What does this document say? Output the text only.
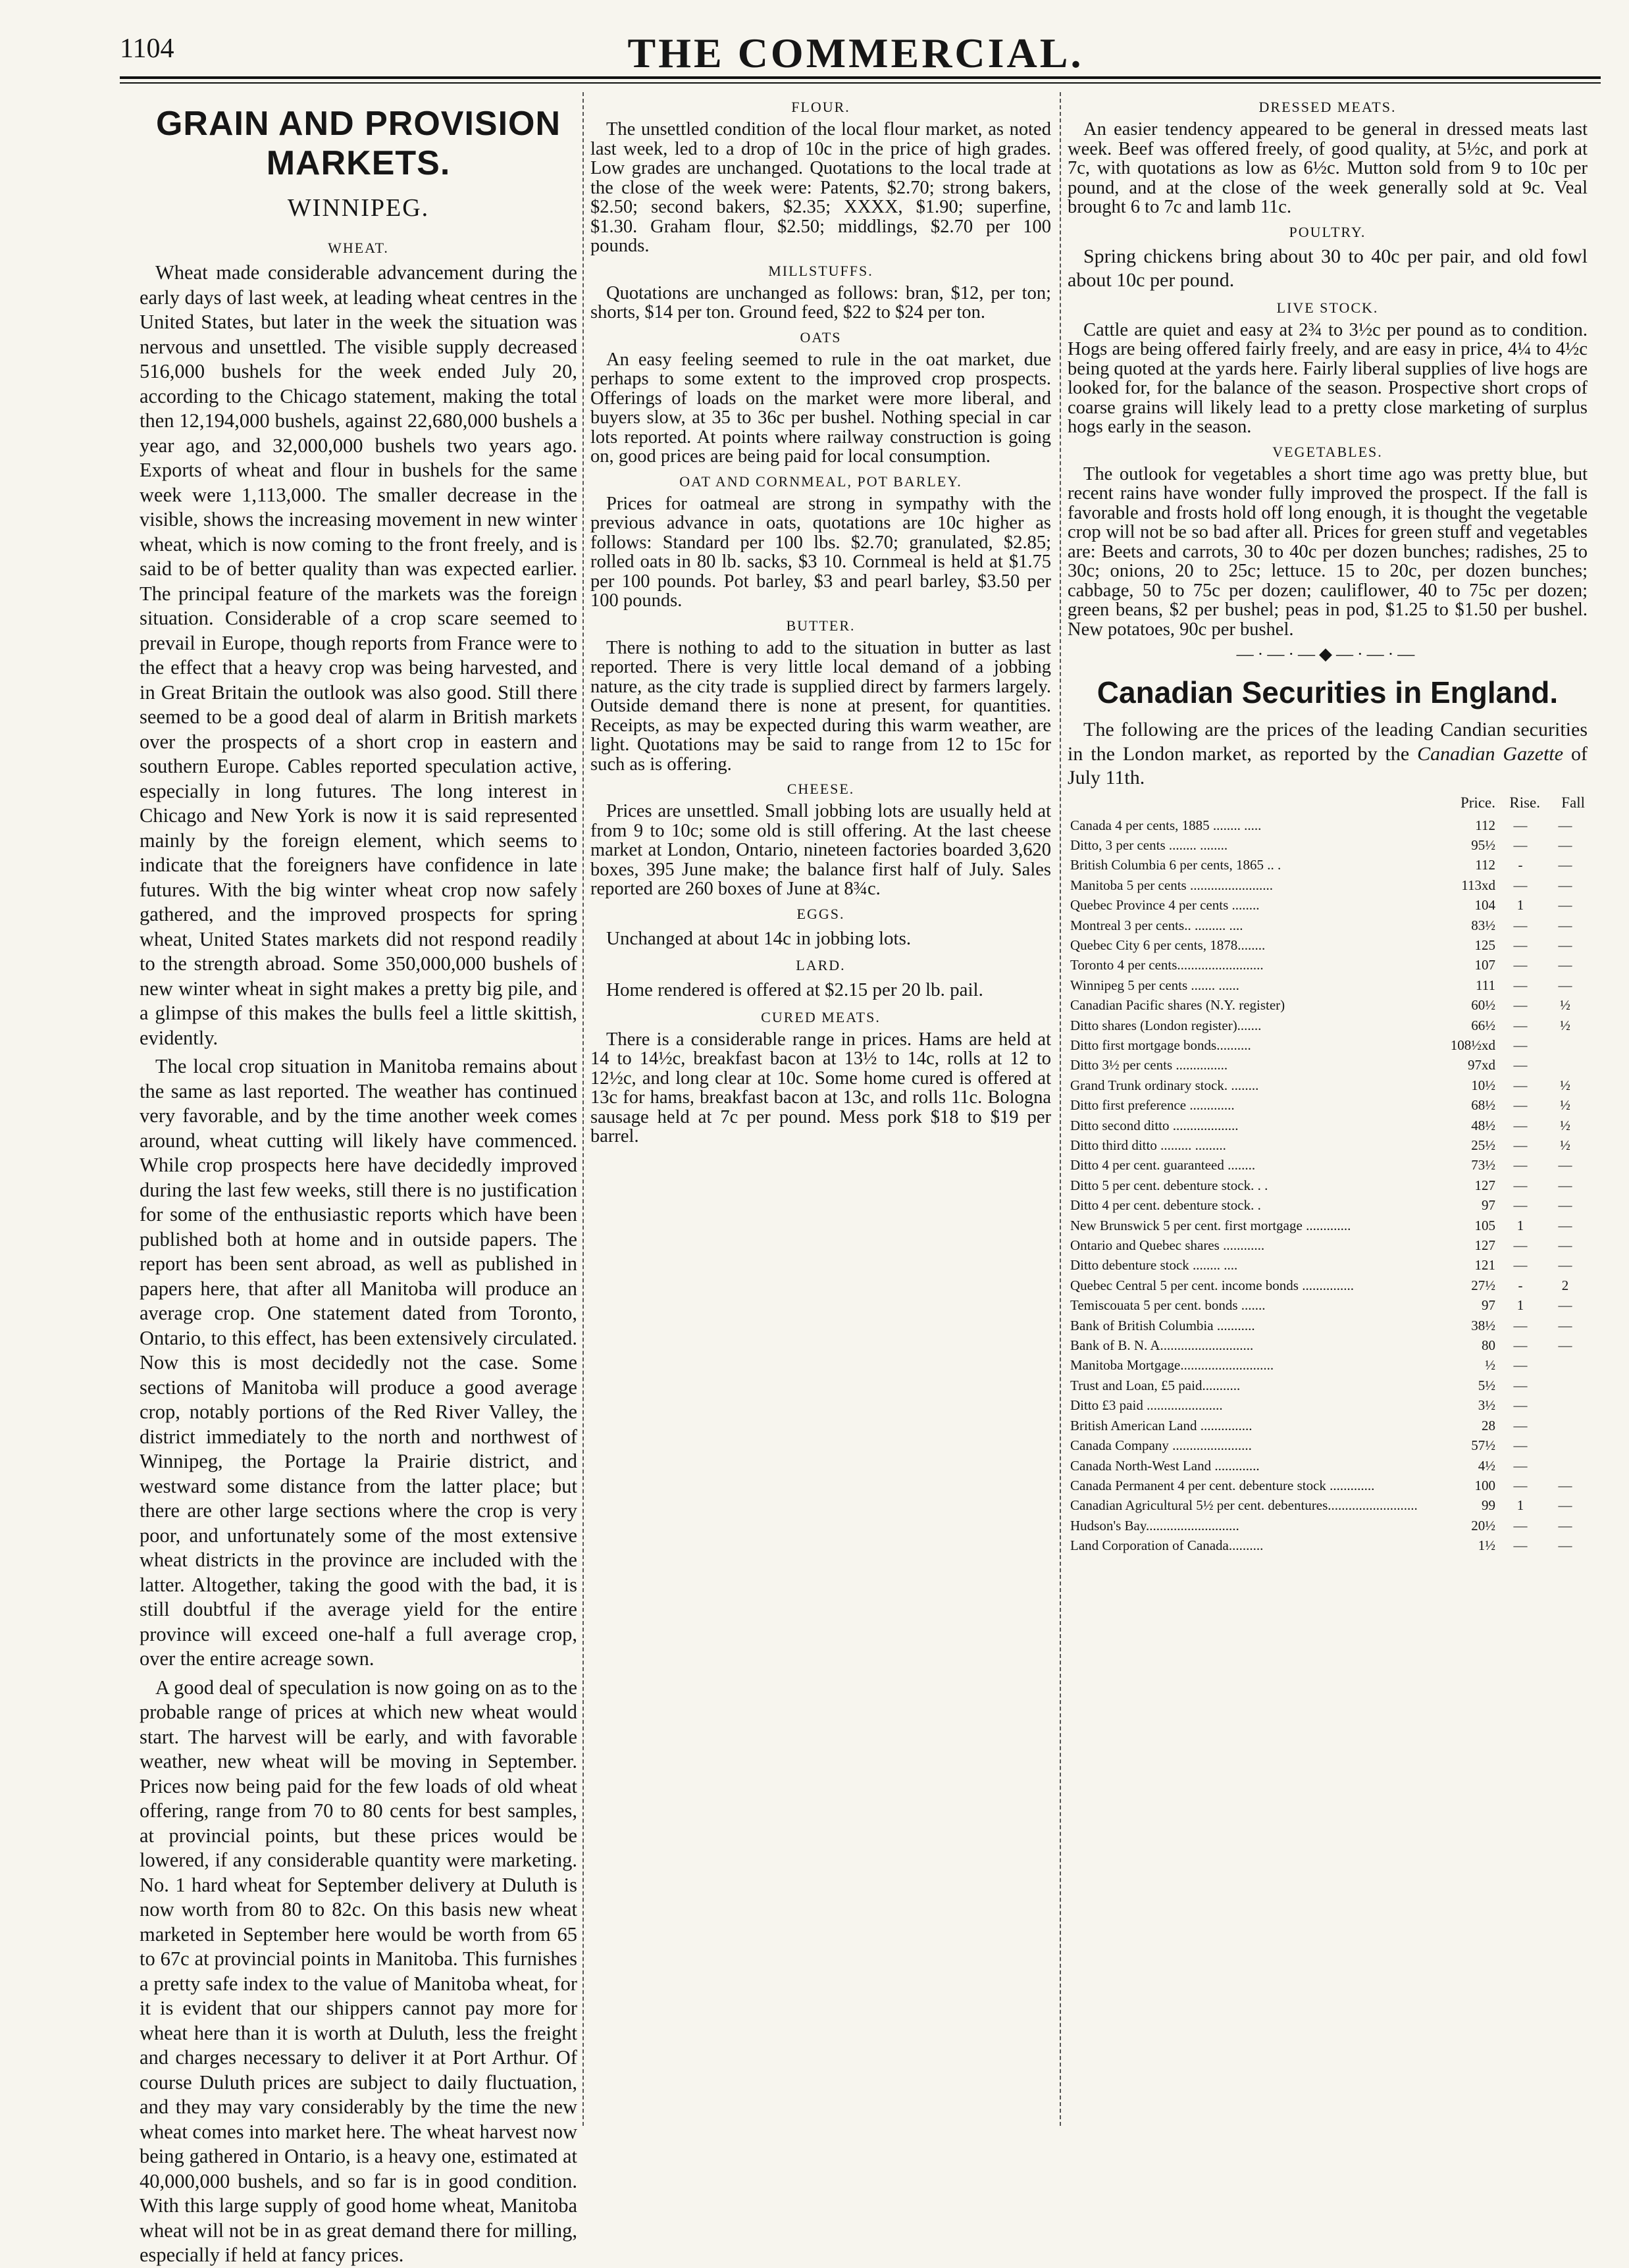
1104	THE COMMERCIAL.
GRAIN AND PROVISION MARKETS.
WINNIPEG.
WHEAT.

Wheat made considerable advancement during the early days of last week, at leading wheat centres in the United States, but later in the week the situation was nervous and unsettled. The visible supply decreased 516,000 bushels for the week ended July 20, according to the Chicago statement, making the total then 12,194,000 bushels, against 22,680,000 bushels a year ago, and 32,000,000 bushels two years ago. Exports of wheat and flour in bushels for the same week were 1,113,000. The smaller decrease in the visible, shows the increasing movement in new winter wheat, which is now coming to the front freely, and is said to be of better quality than was expected earlier. The principal feature of the markets was the foreign situation. Considerable of a crop scare seemed to prevail in Europe, though reports from France were to the effect that a heavy crop was being harvested, and in Great Britain the outlook was also good. Still there seemed to be a good deal of alarm in British markets over the prospects of a short crop in eastern and southern Europe. Cables reported speculation active, especially in long futures. The long interest in Chicago and New York is now it is said represented mainly by the foreign element, which seems to indicate that the foreigners have confidence in late futures. With the big winter wheat crop now safely gathered, and the improved prospects for spring wheat, United States markets did not respond readily to the strength abroad. Some 350,000,000 bushels of new winter wheat in sight makes a pretty big pile, and a glimpse of this makes the bulls feel a little skittish, evidently.

The local crop situation in Manitoba remains about the same as last reported. The weather has continued very favorable, and by the time another week comes around, wheat cutting will likely have commenced. While crop prospects here have decidedly improved during the last few weeks, still there is no justification for some of the enthusiastic reports which have been published both at home and in outside papers. The report has been sent abroad, as well as published in papers here, that after all Manitoba will produce an average crop. One statement dated from Toronto, Ontario, to this effect, has been extensively circulated. Now this is most decidedly not the case. Some sections of Manitoba will produce a good average crop, notably portions of the Red River Valley, the district immediately to the north and northwest of Winnipeg, the Portage la Prairie district, and westward some distance from the latter place; but there are other large sections where the crop is very poor, and unfortunately some of the most extensive wheat districts in the province are included with the latter. Altogether, taking the good with the bad, it is still doubtful if the average yield for the entire province will exceed one-half a full average crop, over the entire acreage sown.

A good deal of speculation is now going on as to the probable range of prices at which new wheat would start. The harvest will be early, and with favorable weather, new wheat will be moving in September. Prices now being paid for the few loads of old wheat offering, range from 70 to 80 cents for best samples, at provincial points, but these prices would be lowered, if any considerable quantity were marketing. No. 1 hard wheat for September delivery at Duluth is now worth from 80 to 82c. On this basis new wheat marketed in September here would be worth from 65 to 67c at provincial points in Manitoba. This furnishes a pretty safe index to the value of Manitoba wheat, for it is evident that our shippers cannot pay more for wheat here than it is worth at Duluth, less the freight and charges necessary to deliver it at Port Arthur. Of course Duluth prices are subject to daily fluctuation, and they may vary considerably by the time the new wheat comes into market here. The wheat harvest now being gathered in Ontario, is a heavy one, estimated at 40,000,000 bushels, and so far is in good condition. With this large supply of good home wheat, Manitoba wheat will not be in as great demand there for milling, especially if held at fancy prices.

FLOUR.

The unsettled condition of the local flour market, as noted last week, led to a drop of 10c in the price of high grades. Low grades are unchanged. Quotations to the local trade at the close of the week were: Patents, $2.70; strong bakers, $2.50; second bakers, $2.35; XXXX, $1.90; superfine, $1.30. Graham flour, $2.50; middlings, $2.70 per 100 pounds.

MILLSTUFFS.

Quotations are unchanged as follows: bran, $12, per ton; shorts, $14 per ton. Ground feed, $22 to $24 per ton.

OATS

An easy feeling seemed to rule in the oat market, due perhaps to some extent to the improved crop prospects. Offerings of loads on the market were more liberal, and buyers slow, at 35 to 36c per bushel. Nothing special in car lots reported. At points where railway construction is going on, good prices are being paid for local consumption.

OAT AND CORNMEAL, POT BARLEY.

Prices for oatmeal are strong in sympathy with the previous advance in oats, quotations are 10c higher as follows: Standard per 100 lbs. $2.70; granulated, $2.85; rolled oats in 80 lb. sacks, $3 10. Cornmeal is held at $1.75 per 100 pounds. Pot barley, $3 and pearl barley, $3.50 per 100 pounds.

BUTTER.

There is nothing to add to the situation in butter as last reported. There is very little local demand of a jobbing nature, as the city trade is supplied direct by farmers largely. Outside demand there is none at present, for quantities. Receipts, as may be expected during this warm weather, are light. Quotations may be said to range from 12 to 15c for such as is offering.

CHEESE.

Prices are unsettled. Small jobbing lots are usually held at from 9 to 10c; some old is still offering. At the last cheese market at London, Ontario, nineteen factories boarded 3,620 boxes, 395 June make; the balance first half of July. Sales reported are 260 boxes of June at 8¾c.

EGGS.

Unchanged at about 14c in jobbing lots.

LARD.

Home rendered is offered at $2.15 per 20 lb. pail.

CURED MEATS.

There is a considerable range in prices. Hams are held at 14 to 14½c, breakfast bacon at 13½ to 14c, rolls at 12 to 12½c, and long clear at 10c. Some home cured is offered at 13c for hams, breakfast bacon at 13c, and rolls 11c. Bologna sausage held at 7c per pound. Mess pork $18 to $19 per barrel.

DRESSED MEATS.

An easier tendency appeared to be general in dressed meats last week. Beef was offered freely, of good quality, at 5½c, and pork at 7c, with quotations as low as 6½c. Mutton sold from 9 to 10c per pound, and at the close of the week generally sold at 9c. Veal brought 6 to 7c and lamb 11c.

POULTRY.

Spring chickens bring about 30 to 40c per pair, and old fowl about 10c per pound.

LIVE STOCK.

Cattle are quiet and easy at 2¾ to 3½c per pound as to condition. Hogs are being offered fairly freely, and are easy in price, 4¼ to 4½c being quoted at the yards here. Fairly liberal supplies of live hogs are looked for, for the balance of the season. Prospective short crops of coarse grains will likely lead to a pretty close marketing of surplus hogs early in the season.

VEGETABLES.

The outlook for vegetables a short time ago was pretty blue, but recent rains have wonder fully improved the prospect. If the fall is favorable and frosts hold off long enough, it is thought the vegetable crop will not be so bad after all. Prices for green stuff and vegetables are: Beets and carrots, 30 to 40c per dozen bunches; radishes, 25 to 30c; onions, 20 to 25c; lettuce. 15 to 20c, per dozen bunches; cabbage, 50 to 75c per dozen; cauliflower, 40 to 75c per dozen; green beans, $2 per bushel; peas in pod, $1.25 to $1.50 per bushel. New potatoes, 90c per bushel.

—·—·—◆—·—·—
Canadian Securities in England.

The following are the prices of the leading Candian securities in the London market, as reported by the Canadian Gazette of July 11th.

	Price.	Rise.	Fall
Canada 4 per cents, 1885 ........ .....	112	—	—
Ditto, 3 per cents ........ ........	95½	—	—
British Columbia 6 per cents, 1865 .. .	112	-	—
Manitoba 5 per cents ........................	113xd	—	—
Quebec Province 4 per cents ........	104	1	—
Montreal 3 per cents.. ......... ....	83½	—	—
Quebec City 6 per cents, 1878........	125	—	—
Toronto 4 per cents.........................	107	—	—
Winnipeg 5 per cents ....... ......	111	—	—
Canadian Pacific shares (N.Y. register)	60½	—	½
Ditto shares (London register).......	66½	—	½
Ditto first mortgage bonds..........	108½xd	—	
Ditto 3½ per cents ...............	97xd	—	
Grand Trunk ordinary stock. ........	10½	—	½
Ditto first preference .............	68½	—	½
Ditto second ditto ...................	48½	—	½
Ditto third ditto ......... .........	25½	—	½
Ditto 4 per cent. guaranteed ........	73½	—	—
Ditto 5 per cent. debenture stock. . .	127	—	—
Ditto 4 per cent. debenture stock. .	97	—	—
New Brunswick 5 per cent. first mortgage .............	105	1	—
Ontario and Quebec shares ............	127	—	—
Ditto debenture stock ........ ....	121	—	—
Quebec Central 5 per cent. income bonds ...............	27½	-	2
Temiscouata 5 per cent. bonds .......	97	1	—
Bank of British Columbia ...........	38½	—	—
Bank of B. N. A...........................	80	—	—
Manitoba Mortgage...........................	½	—	
Trust and Loan, £5 paid...........	5½	—	
Ditto £3 paid ......................	3½	—	
British American Land ...............	28	—	
Canada Company .......................	57½	—	
Canada North-West Land .............	4½	—	
Canada Permanent 4 per cent. debenture stock .............	100	—	—
Canadian Agricultural 5½ per cent. debentures..........................	99	1	—
Hudson's Bay...........................	20½	—	—
Land Corporation of Canada..........	1½	—	—
